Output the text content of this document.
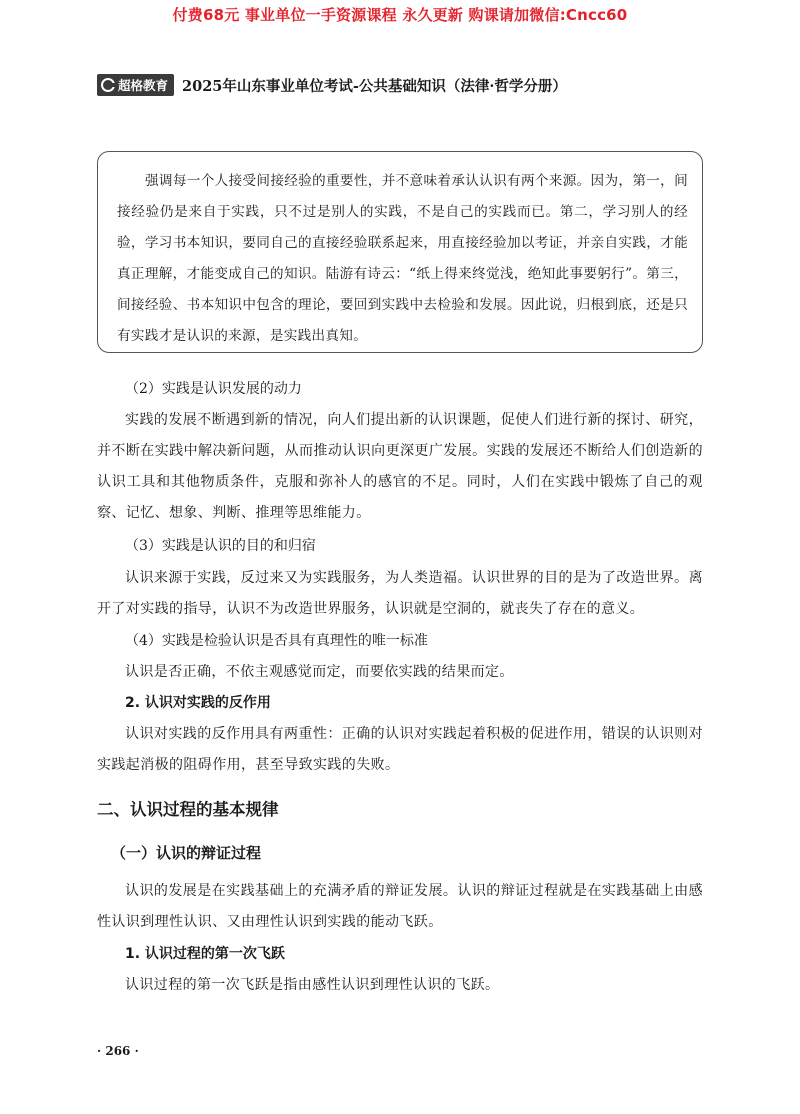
付费68元 事业单位一手资源课程 永久更新 购课请加微信:Cncc60
超格教育 2025年山东事业单位考试-公共基础知识（法律·哲学分册）

强调每一个人接受间接经验的重要性，并不意味着承认认识有两个来源。因为，第一，间接经验仍是来自于实践，只不过是别人的实践，不是自己的实践而已。第二，学习别人的经验，学习书本知识，要同自己的直接经验联系起来，用直接经验加以考证，并亲自实践，才能真正理解，才能变成自己的知识。陆游有诗云：“纸上得来终觉浅，绝知此事要躬行”。第三，间接经验、书本知识中包含的理论，要回到实践中去检验和发展。因此说，归根到底，还是只有实践才是认识的来源，是实践出真知。

（2）实践是认识发展的动力

实践的发展不断遇到新的情况，向人们提出新的认识课题，促使人们进行新的探讨、研究，并不断在实践中解决新问题，从而推动认识向更深更广发展。实践的发展还不断给人们创造新的认识工具和其他物质条件，克服和弥补人的感官的不足。同时，人们在实践中锻炼了自己的观察、记忆、想象、判断、推理等思维能力。

（3）实践是认识的目的和归宿

认识来源于实践，反过来又为实践服务，为人类造福。认识世界的目的是为了改造世界。离开了对实践的指导，认识不为改造世界服务，认识就是空洞的，就丧失了存在的意义。

（4）实践是检验认识是否具有真理性的唯一标准

认识是否正确，不依主观感觉而定，而要依实践的结果而定。

2. 认识对实践的反作用

认识对实践的反作用具有两重性：正确的认识对实践起着积极的促进作用，错误的认识则对实践起消极的阻碍作用，甚至导致实践的失败。

二、认识过程的基本规律
（一）认识的辩证过程

认识的发展是在实践基础上的充满矛盾的辩证发展。认识的辩证过程就是在实践基础上由感性认识到理性认识、又由理性认识到实践的能动飞跃。

1. 认识过程的第一次飞跃

认识过程的第一次飞跃是指由感性认识到理性认识的飞跃。

· 266 ·
